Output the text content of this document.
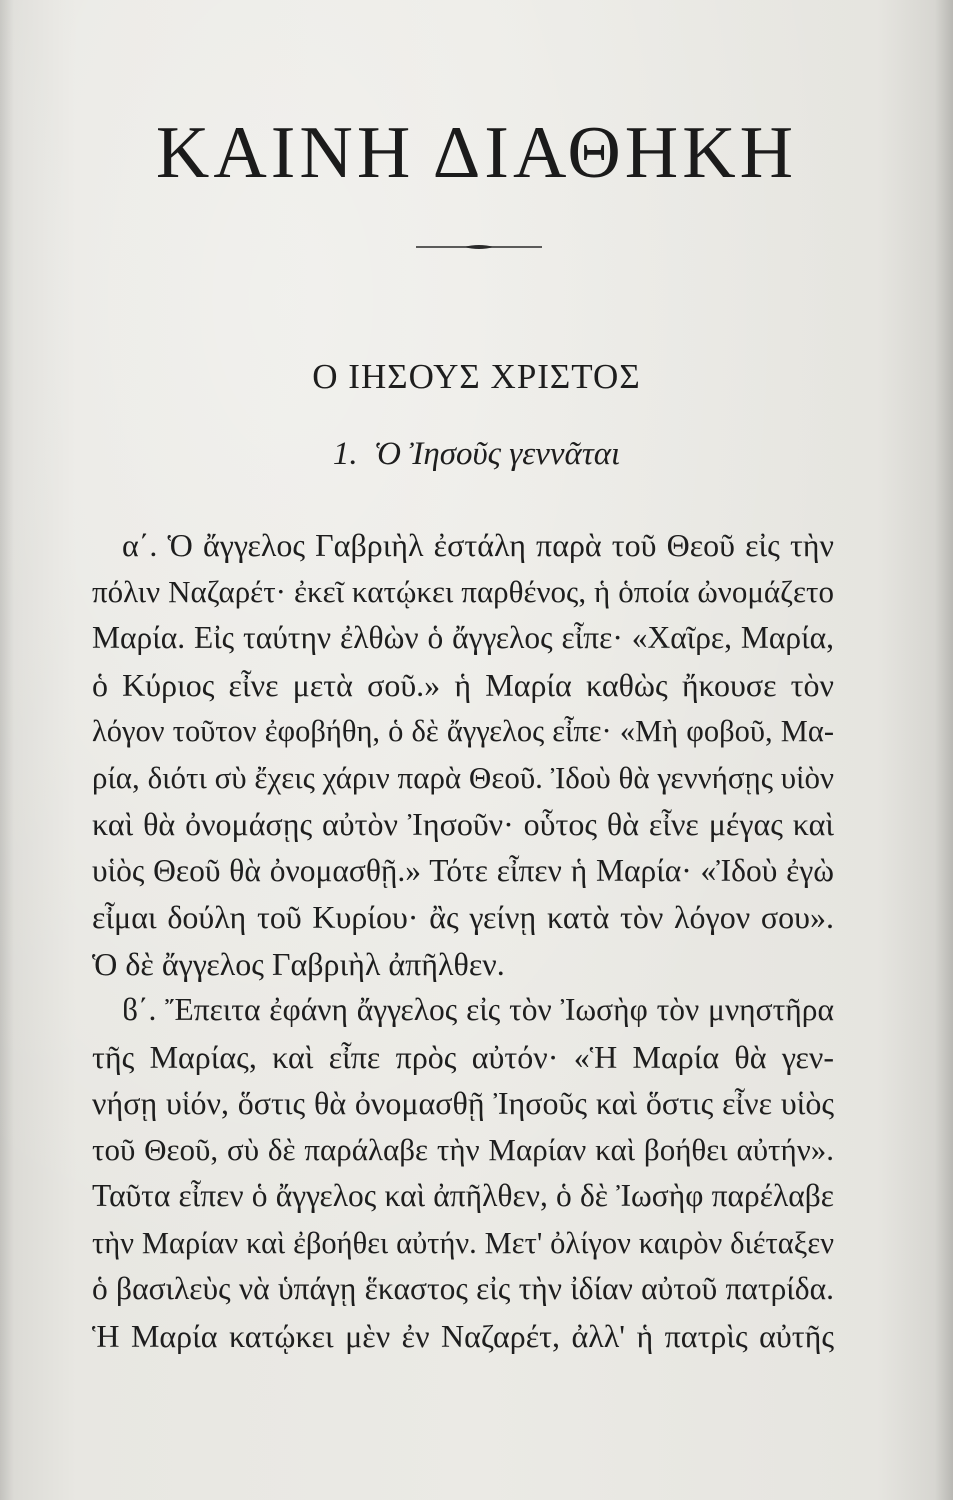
ΚΑΙΝΗ ΔΙΑΘΗΚΗ
Ο ΙΗΣΟΥΣ ΧΡΙΣΤΟΣ
1. Ὁ Ἰησοῦς γεννᾶται
α΄. Ὁ ἄγγελος Γαβριὴλ ἐστάλη παρὰ τοῦ Θεοῦ εἰς τὴν
πόλιν Ναζαρέτ· ἐκεῖ κατῴκει παρθένος, ἡ ὁποία ὠνομάζετο
Μαρία. Εἰς ταύτην ἐλθὼν ὁ ἄγγελος εἶπε· «Χαῖρε, Μαρία,
ὁ Κύριος εἶνε μετὰ σοῦ.» ἡ Μαρία καθὼς ἤκουσε τὸν
λόγον τοῦτον ἐφοβήθη, ὁ δὲ ἄγγελος εἶπε· «Μὴ φοβοῦ, Μα-
ρία, διότι σὺ ἔχεις χάριν παρὰ Θεοῦ. Ἰδοὺ θὰ γεννήσῃς υἱὸν
καὶ θὰ ὀνομάσῃς αὐτὸν Ἰησοῦν· οὗτος θὰ εἶνε μέγας καὶ
υἱὸς Θεοῦ θὰ ὀνομασθῇ.» Τότε εἶπεν ἡ Μαρία· «Ἰδοὺ ἐγὼ
εἶμαι δούλη τοῦ Κυρίου· ἂς γείνῃ κατὰ τὸν λόγον σου».
Ὁ δὲ ἄγγελος Γαβριὴλ ἀπῆλθεν.
ϐ΄. Ἔπειτα ἐφάνη ἄγγελος εἰς τὸν Ἰωσὴφ τὸν μνηστῆρα
τῆς Μαρίας, καὶ εἶπε πρὸς αὐτόν· «Ἡ Μαρία θὰ γεν-
νήσῃ υἱόν, ὅστις θὰ ὀνομασθῇ Ἰησοῦς καὶ ὅστις εἶνε υἱὸς
τοῦ Θεοῦ, σὺ δὲ παράλαβε τὴν Μαρίαν καὶ βοήθει αὐτήν».
Ταῦτα εἶπεν ὁ ἄγγελος καὶ ἀπῆλθεν, ὁ δὲ Ἰωσὴφ παρέλαβε
τὴν Μαρίαν καὶ ἐβοήθει αὐτήν. Μετ' ὀλίγον καιρὸν διέταξεν
ὁ βασιλεὺς νὰ ὑπάγῃ ἕκαστος εἰς τὴν ἰδίαν αὐτοῦ πατρίδα.
Ἡ Μαρία κατῴκει μὲν ἐν Ναζαρέτ, ἀλλ' ἡ πατρὶς αὐτῆς
